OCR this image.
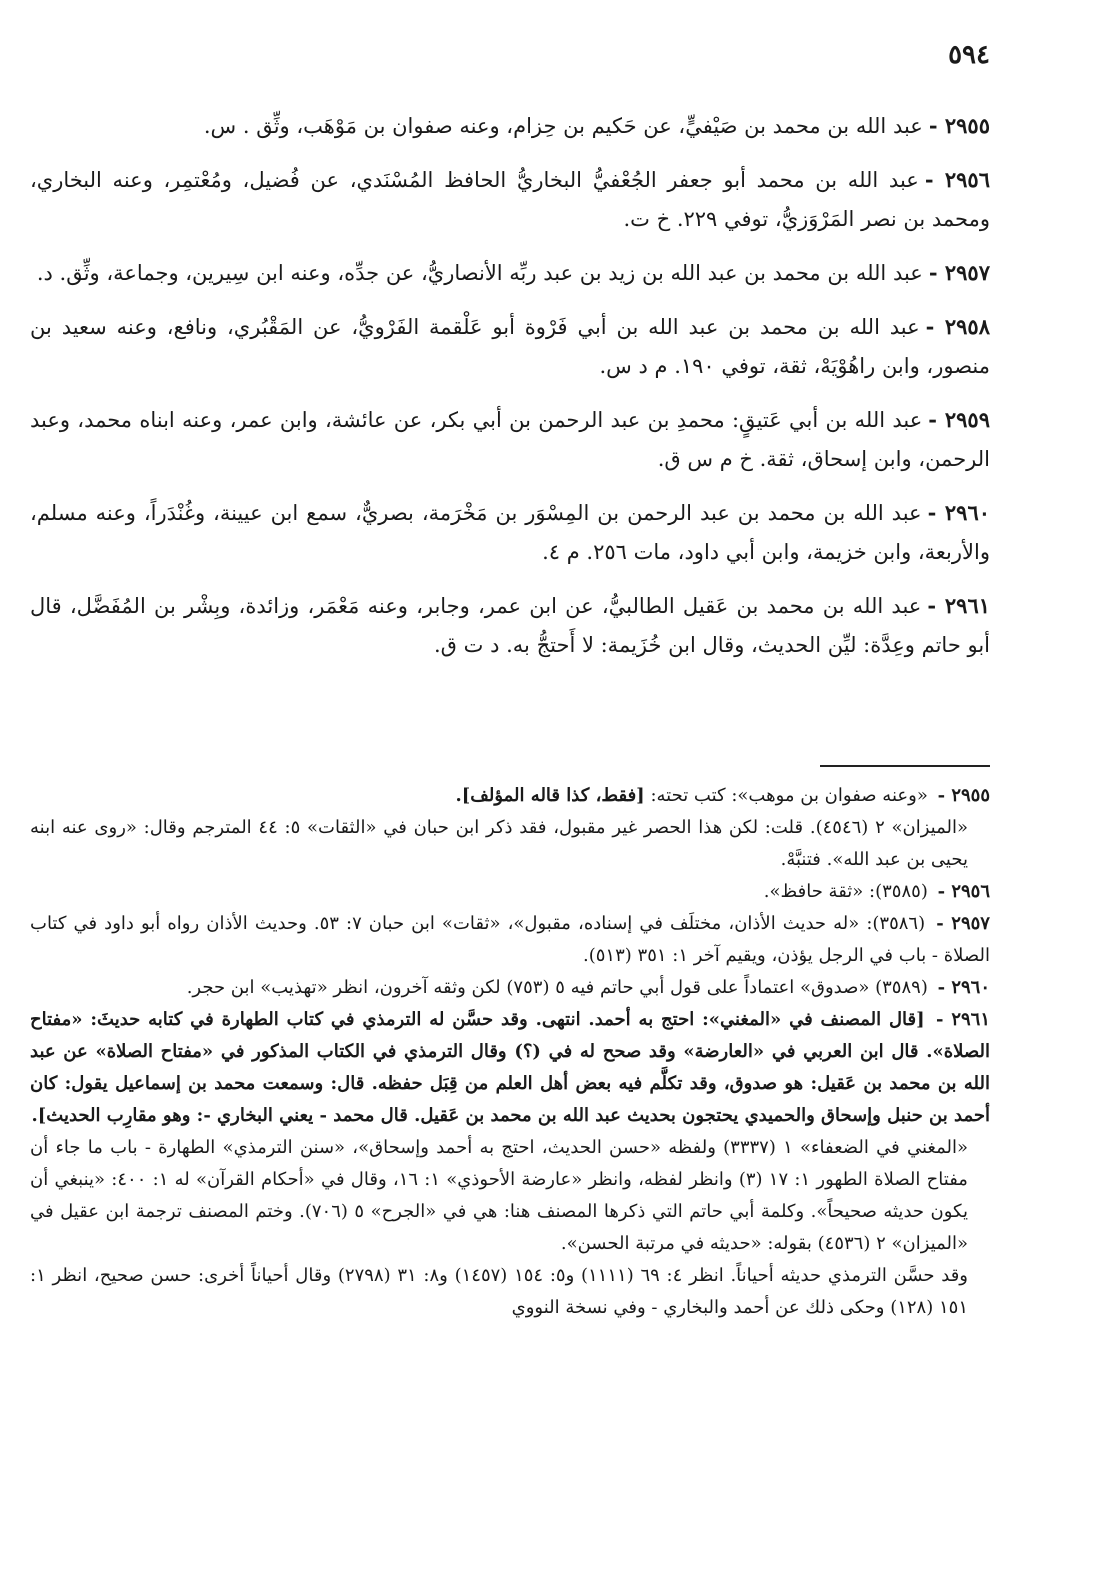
٥٩٤

٢٩٥٥ -عبد الله بن محمد بن صَيْفيٍّ، عن حَكيم بن حِزام، وعنه صفوان بن مَوْهَب، وثِّق . س.

٢٩٥٦ -عبد الله بن محمد أبو جعفر الجُعْفيُّ البخاريُّ الحافظ المُسْنَدي، عن فُضيل، ومُعْتمِر، وعنه البخاري، ومحمد بن نصر المَرْوَزيُّ، توفي ٢٢٩. خ ت.

٢٩٥٧ -عبد الله بن محمد بن عبد الله بن زيد بن عبد ربِّه الأنصاريُّ، عن جدِّه، وعنه ابن سِيرين، وجماعة، وثِّق. د.

٢٩٥٨ -عبد الله بن محمد بن عبد الله بن أبي فَرْوة أبو عَلْقمة الفَرْويُّ، عن المَقْبُري، ونافع، وعنه سعيد بن منصور، وابن راهُوْيَهْ، ثقة، توفي ١٩٠. م د س.

٢٩٥٩ -عبد الله بن أبي عَتيقٍ: محمدِ بن عبد الرحمن بن أبي بكر، عن عائشة، وابن عمر، وعنه ابناه محمد، وعبد الرحمن، وابن إسحاق، ثقة. خ م س ق.

٢٩٦٠ -عبد الله بن محمد بن عبد الرحمن بن المِسْوَر بن مَخْرَمة، بصريٌّ، سمع ابن عيينة، وغُنْدَراً، وعنه مسلم، والأربعة، وابن خزيمة، وابن أبي داود، مات ٢٥٦. م ٤.

٢٩٦١ -عبد الله بن محمد بن عَقيل الطالبيُّ، عن ابن عمر، وجابر، وعنه مَعْمَر، وزائدة، وبِشْر بن المُفَضَّل، قال أبو حاتم وعِدَّة: ليِّن الحديث، وقال ابن خُزَيمة: لا أَحتجُّ به. د ت ق.

٢٩٥٥ - «وعنه صفوان بن موهب»: كتب تحته: [فقط، كذا قاله المؤلف].

«الميزان» ٢ (٤٥٤٦). قلت: لكن هذا الحصر غير مقبول، فقد ذكر ابن حبان في «الثقات» ٥: ٤٤ المترجم وقال: «روى عنه ابنه يحيى بن عبد الله». فتنبَّهْ.

٢٩٥٦ - (٣٥٨٥): «ثقة حافظ».

٢٩٥٧ - (٣٥٨٦): «له حديث الأذان، مختلَف في إسناده، مقبول»، «ثقات» ابن حبان ٧: ٥٣. وحديث الأذان رواه أبو داود في كتاب الصلاة - باب في الرجل يؤذن، ويقيم آخر ١: ٣٥١ (٥١٣).

٢٩٦٠ - (٣٥٨٩) «صدوق» اعتماداً على قول أبي حاتم فيه ٥ (٧٥٣) لكن وثقه آخرون، انظر «تهذيب» ابن حجر.

٢٩٦١ - [قال المصنف في «المغني»: احتج به أحمد. انتهى. وقد حسَّن له الترمذي في كتاب الطهارة في كتابه حديثَ: «مفتاح الصلاة». قال ابن العربي في «العارضة» وقد صحح له في (؟) وقال الترمذي في الكتاب المذكور في «مفتاح الصلاة» عن عبد الله بن محمد بن عَقيل: هو صدوق، وقد تكلَّم فيه بعض أهل العلم من قِبَل حفظه. قال: وسمعت محمد بن إسماعيل يقول: كان أحمد بن حنبل وإسحاق والحميدي يحتجون بحديث عبد الله بن محمد بن عَقيل. قال محمد - يعني البخاري -: وهو مقارِب الحديث].

«المغني في الضعفاء» ١ (٣٣٣٧) ولفظه «حسن الحديث، احتج به أحمد وإسحاق»، «سنن الترمذي» الطهارة - باب ما جاء أن مفتاح الصلاة الطهور ١: ١٧ (٣) وانظر لفظه، وانظر «عارضة الأحوذي» ١: ١٦، وقال في «أحكام القرآن» له ١: ٤٠٠: «ينبغي أن يكون حديثه صحيحاً». وكلمة أبي حاتم التي ذكرها المصنف هنا: هي في «الجرح» ٥ (٧٠٦). وختم المصنف ترجمة ابن عقيل في «الميزان» ٢ (٤٥٣٦) بقوله: «حديثه في مرتبة الحسن».

وقد حسَّن الترمذي حديثه أحياناً. انظر ٤: ٦٩ (١١١١) و٥: ١٥٤ (١٤٥٧) و٨: ٣١ (٢٧٩٨) وقال أحياناً أخرى: حسن صحيح، انظر ١: ١٥١ (١٢٨) وحكى ذلك عن أحمد والبخاري - وفي نسخة النووي
